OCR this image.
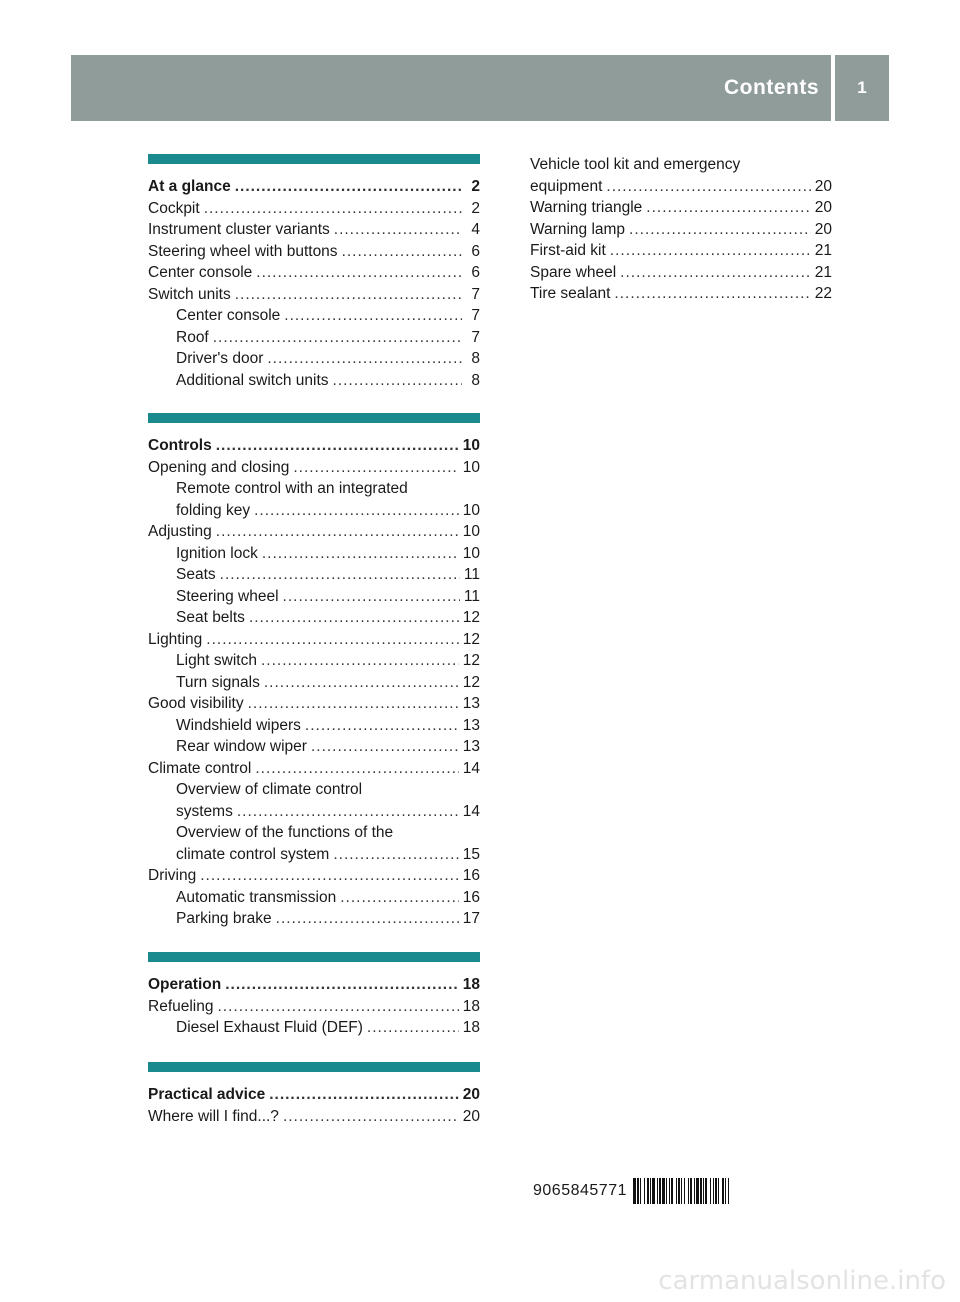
Contents	1
Vehicle tool kit and emergency
equipment .....	20
Warning triangle .....	20
Warning lamp .....	20
First-aid kit .....	21
Spare wheel .....	21
Tire sealant .....	22
9065845771
carmanualsonline.info
At a glance .....	2
Cockpit .....	2
Instrument cluster variants .....	4
Steering wheel with buttons .....	6
Center console .....	6
Switch units .....	7
Center console .....	7
Roof .....	7
Driver's door .....	8
Additional switch units .....	8
Controls .....	10
Opening and closing .....	10
Remote control with an integrated
folding key .....	10
Adjusting .....	10
Ignition lock .....	10
Seats .....	11
Steering wheel .....	11
Seat belts .....	12
Lighting .....	12
Light switch .....	12
Turn signals .....	12
Good visibility .....	13
Windshield wipers .....	13
Rear window wiper .....	13
Climate control .....	14
Overview of climate control
systems .....	14
Overview of the functions of the
climate control system .....	15
Driving .....	16
Automatic transmission .....	16
Parking brake .....	17
Operation .....	18
Refueling .....	18
Diesel Exhaust Fluid (DEF) .....	18
Practical advice .....	20
Where will I find...? .....	20
